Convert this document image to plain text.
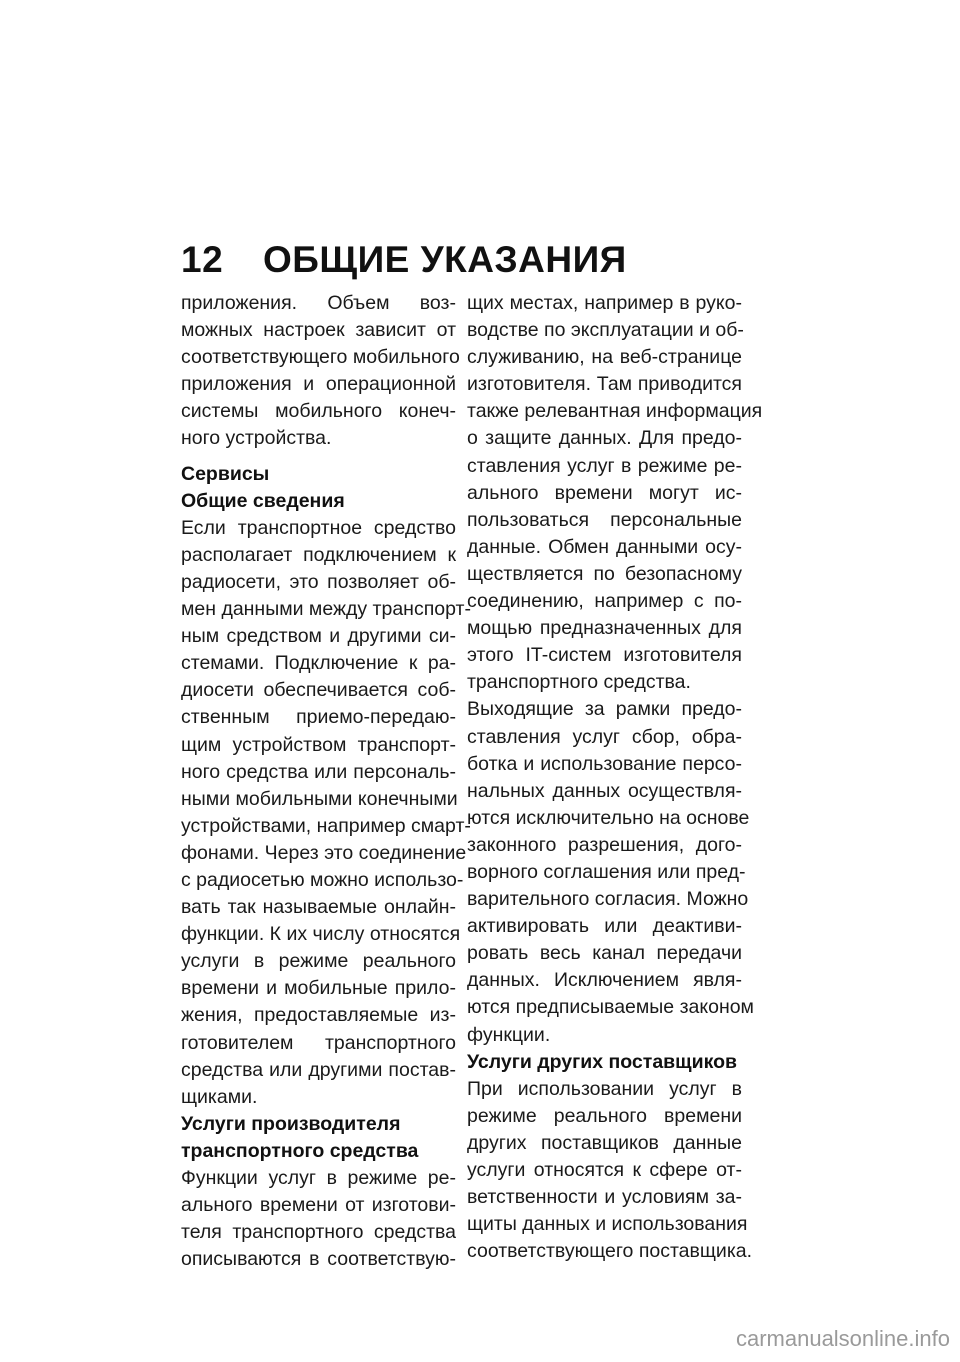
12 ОБЩИЕ УКАЗАНИЯ
приложения. Объем воз-
можных настроек зависит от
соответствующего мобильного
приложения и операционной
системы мобильного конеч-
ного устройства.
Сервисы
Общие сведения
Если транспортное средство
располагает подключением к
радиосети, это позволяет об-
мен данными между транспорт-
ным средством и другими си-
стемами. Подключение к ра-
диосети обеспечивается соб-
ственным приемо-передаю-
щим устройством транспорт-
ного средства или персональ-
ными мобильными конечными
устройствами, например смарт-
фонами. Через это соединение
с радиосетью можно использо-
вать так называемые онлайн-
функции. К их числу относятся
услуги в режиме реального
времени и мобильные прило-
жения, предоставляемые из-
готовителем транспортного
средства или другими постав-
щиками.
Услуги производителя
транспортного средства
Функции услуг в режиме ре-
ального времени от изготови-
теля транспортного средства
описываются в соответствую-
щих местах, например в руко-
водстве по эксплуатации и об-
служиванию, на веб-странице
изготовителя. Там приводится
также релевантная информация
о защите данных. Для предо-
ставления услуг в режиме ре-
ального времени могут ис-
пользоваться персональные
данные. Обмен данными осу-
ществляется по безопасному
соединению, например с по-
мощью предназначенных для
этого IT-систем изготовителя
транспортного средства.
Выходящие за рамки предо-
ставления услуг сбор, обра-
ботка и использование персо-
нальных данных осуществля-
ются исключительно на основе
законного разрешения, дого-
ворного соглашения или пред-
варительного согласия. Можно
активировать или деактиви-
ровать весь канал передачи
данных. Исключением явля-
ются предписываемые законом
функции.
Услуги других поставщиков
При использовании услуг в
режиме реального времени
других поставщиков данные
услуги относятся к сфере от-
ветственности и условиям за-
щиты данных и использования
соответствующего поставщика.
carmanualsonline.info
